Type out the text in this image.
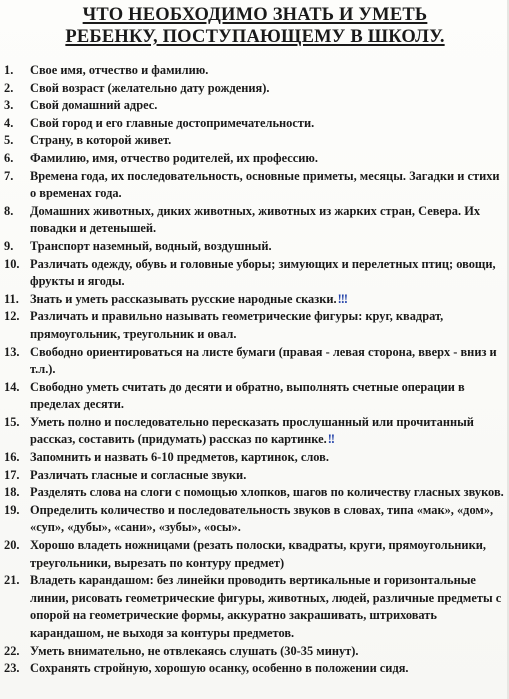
ЧТО НЕОБХОДИМО ЗНАТЬ И УМЕТЬ
РЕБЕНКУ, ПОСТУПАЮЩЕМУ В ШКОЛУ.
1.	Свое имя, отчество и фамилию.
2.	Свой возраст (желательно дату рождения).
3.	Свой домашний адрес.
4.	Свой город и его главные достопримечательности.
5.	Страну, в которой живет.
6.	Фамилию, имя, отчество родителей, их профессию.
7.	Времена года, их последовательность, основные приметы, месяцы. Загадки и стихи о временах года.
8.	Домашних животных, диких животных, животных из жарких стран, Севера. Их повадки и детенышей.
9.	Транспорт наземный, водный, воздушный.
10. Различать одежду, обувь и головные уборы; зимующих и перелетных птиц; овощи, фрукты и ягоды.
11. Знать и уметь рассказывать русские народные сказки.!!!
12. Различать и правильно называть геометрические фигуры: круг, квадрат, прямоугольник, треугольник и овал.
13. Свободно ориентироваться на листе бумаги (правая - левая сторона, вверх - вниз и т.л.).
14. Свободно уметь считать до десяти и обратно, выполнять счетные операции в пределах десяти.
15. Уметь полно и последовательно пересказать прослушанный или прочитанный рассказ, составить (придумать) рассказ по картинке.!!
16. Запомнить и назвать 6-10 предметов, картинок, слов.
17. Различать гласные и согласные звуки.
18. Разделять слова на слоги с помощью хлопков, шагов по количеству гласных звуков.
19. Определить количество и последовательность звуков в словах, типа «мак», «дом», «суп», «дубы», «сани», «зубы», «осы».
20. Хорошо владеть ножницами (резать полоски, квадраты, круги, прямоугольники, треугольники, вырезать по контуру предмет)
21. Владеть карандашом: без линейки проводить вертикальные и горизонтальные линии, рисовать геометрические фигуры, животных, людей, различные предметы с опорой на геометрические формы, аккуратно закрашивать, штриховать карандашом, не выходя за контуры предметов.
22. Уметь внимательно, не отвлекаясь слушать (30-35 минут).
23. Сохранять стройную, хорошую осанку, особенно в положении сидя.
